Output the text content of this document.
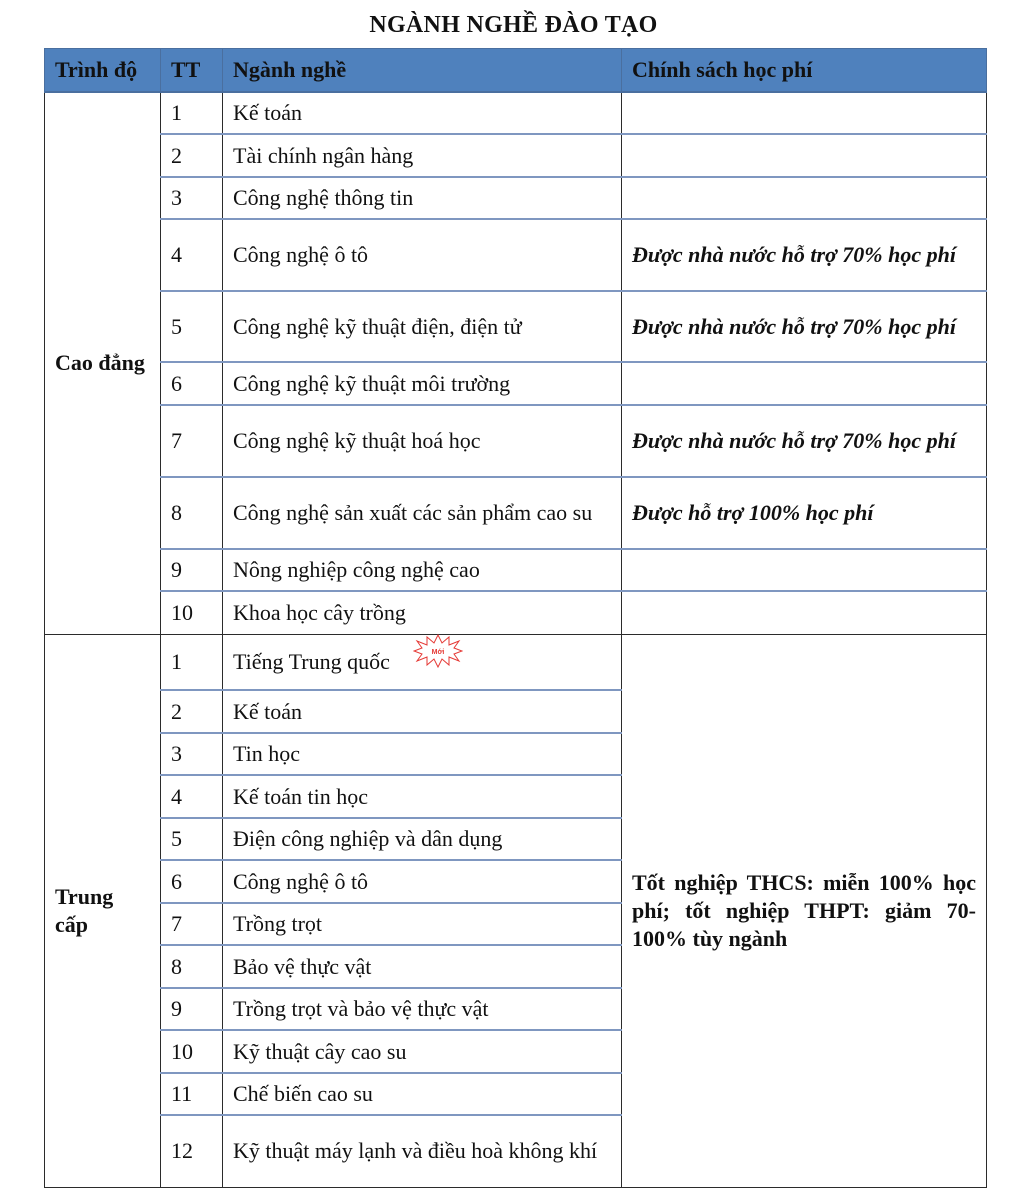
NGÀNH NGHỀ ĐÀO TẠO
Trình độ	TT	Ngành nghề	Chính sách học phí
Cao đẳng	1	Kế toán	
	2	Tài chính ngân hàng	
	3	Công nghệ thông tin	
	4	Công nghệ ô tô	Được nhà nước hỗ trợ 70% học phí
	5	Công nghệ kỹ thuật điện, điện tử	Được nhà nước hỗ trợ 70% học phí
	6	Công nghệ kỹ thuật môi trường	
	7	Công nghệ kỹ thuật hoá học	Được nhà nước hỗ trợ 70% học phí
	8	Công nghệ sản xuất các sản phẩm cao su	Được hỗ trợ 100% học phí
	9	Nông nghiệp công nghệ cao	
	10	Khoa học cây trồng	
Trung cấp	1	Tiếng Trung quốc Mới	Tốt nghiệp THCS: miễn 100% học phí; tốt nghiệp THPT: giảm 70-100% tùy ngành
	2	Kế toán	
	3	Tin học	
	4	Kế toán tin học	
	5	Điện công nghiệp và dân dụng	
	6	Công nghệ ô tô	
	7	Trồng trọt	
	8	Bảo vệ thực vật	
	9	Trồng trọt và bảo vệ thực vật	
	10	Kỹ thuật cây cao su	
	11	Chế biến cao su	
	12	Kỹ thuật máy lạnh và điều hoà không khí	
